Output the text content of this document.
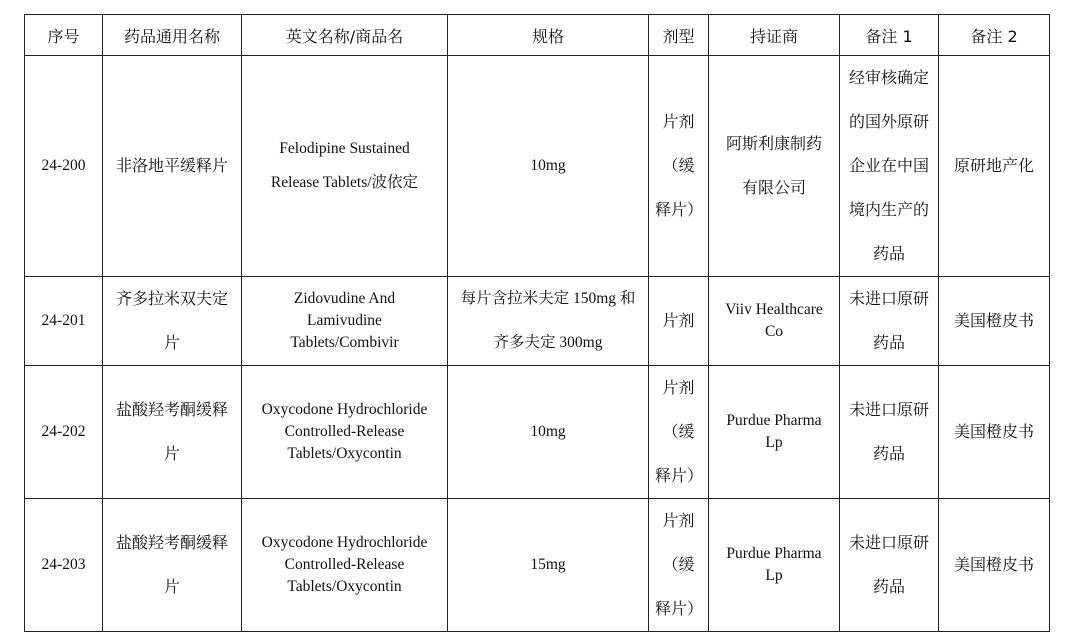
序号	药品通用名称	英文名称/商品名	规格	剂型	持证商	备注 1	备注 2
24-200	非洛地平缓释片	Felodipine Sustained
Release Tablets/波依定	10mg	片剂
（缓
释片）	阿斯利康制药
有限公司	经审核确定
的国外原研
企业在中国
境内生产的
药品	原研地产化
24-201	齐多拉米双夫定
片	Zidovudine And
Lamivudine
Tablets/Combivir	每片含拉米夫定 150mg 和
齐多夫定 300mg	片剂	Viiv Healthcare
Co	未进口原研
药品	美国橙皮书
24-202	盐酸羟考酮缓释
片	Oxycodone Hydrochloride
Controlled-Release
Tablets/Oxycontin	10mg	片剂
（缓
释片）	Purdue Pharma
Lp	未进口原研
药品	美国橙皮书
24-203	盐酸羟考酮缓释
片	Oxycodone Hydrochloride
Controlled-Release
Tablets/Oxycontin	15mg	片剂
（缓
释片）	Purdue Pharma
Lp	未进口原研
药品	美国橙皮书
